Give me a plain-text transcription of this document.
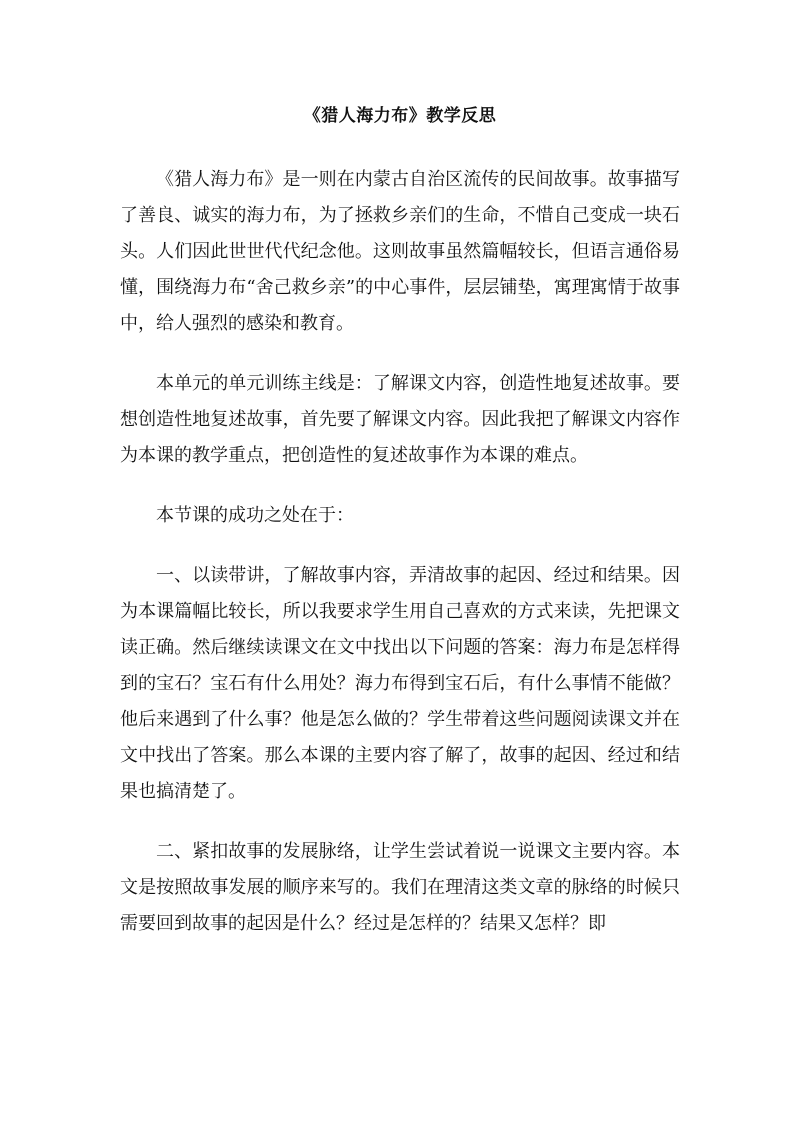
《猎人海力布》教学反思

《猎人海力布》是一则在内蒙古自治区流传的民间故事。故事描写了善良、诚实的海力布，为了拯救乡亲们的生命，不惜自己变成一块石头。人们因此世世代代纪念他。这则故事虽然篇幅较长，但语言通俗易懂，围绕海力布“舍己救乡亲”的中心事件，层层铺垫，寓理寓情于故事中，给人强烈的感染和教育。

本单元的单元训练主线是：了解课文内容，创造性地复述故事。要想创造性地复述故事，首先要了解课文内容。因此我把了解课文内容作为本课的教学重点，把创造性的复述故事作为本课的难点。

本节课的成功之处在于：

一、以读带讲，了解故事内容，弄清故事的起因、经过和结果。因为本课篇幅比较长，所以我要求学生用自己喜欢的方式来读，先把课文读正确。然后继续读课文在文中找出以下问题的答案：海力布是怎样得到的宝石？宝石有什么用处？海力布得到宝石后，有什么事情不能做？他后来遇到了什么事？他是怎么做的？学生带着这些问题阅读课文并在文中找出了答案。那么本课的主要内容了解了，故事的起因、经过和结果也搞清楚了。

二、紧扣故事的发展脉络，让学生尝试着说一说课文主要内容。本文是按照故事发展的顺序来写的。我们在理清这类文章的脉络的时候只需要回到故事的起因是什么？经过是怎样的？结果又怎样？即
